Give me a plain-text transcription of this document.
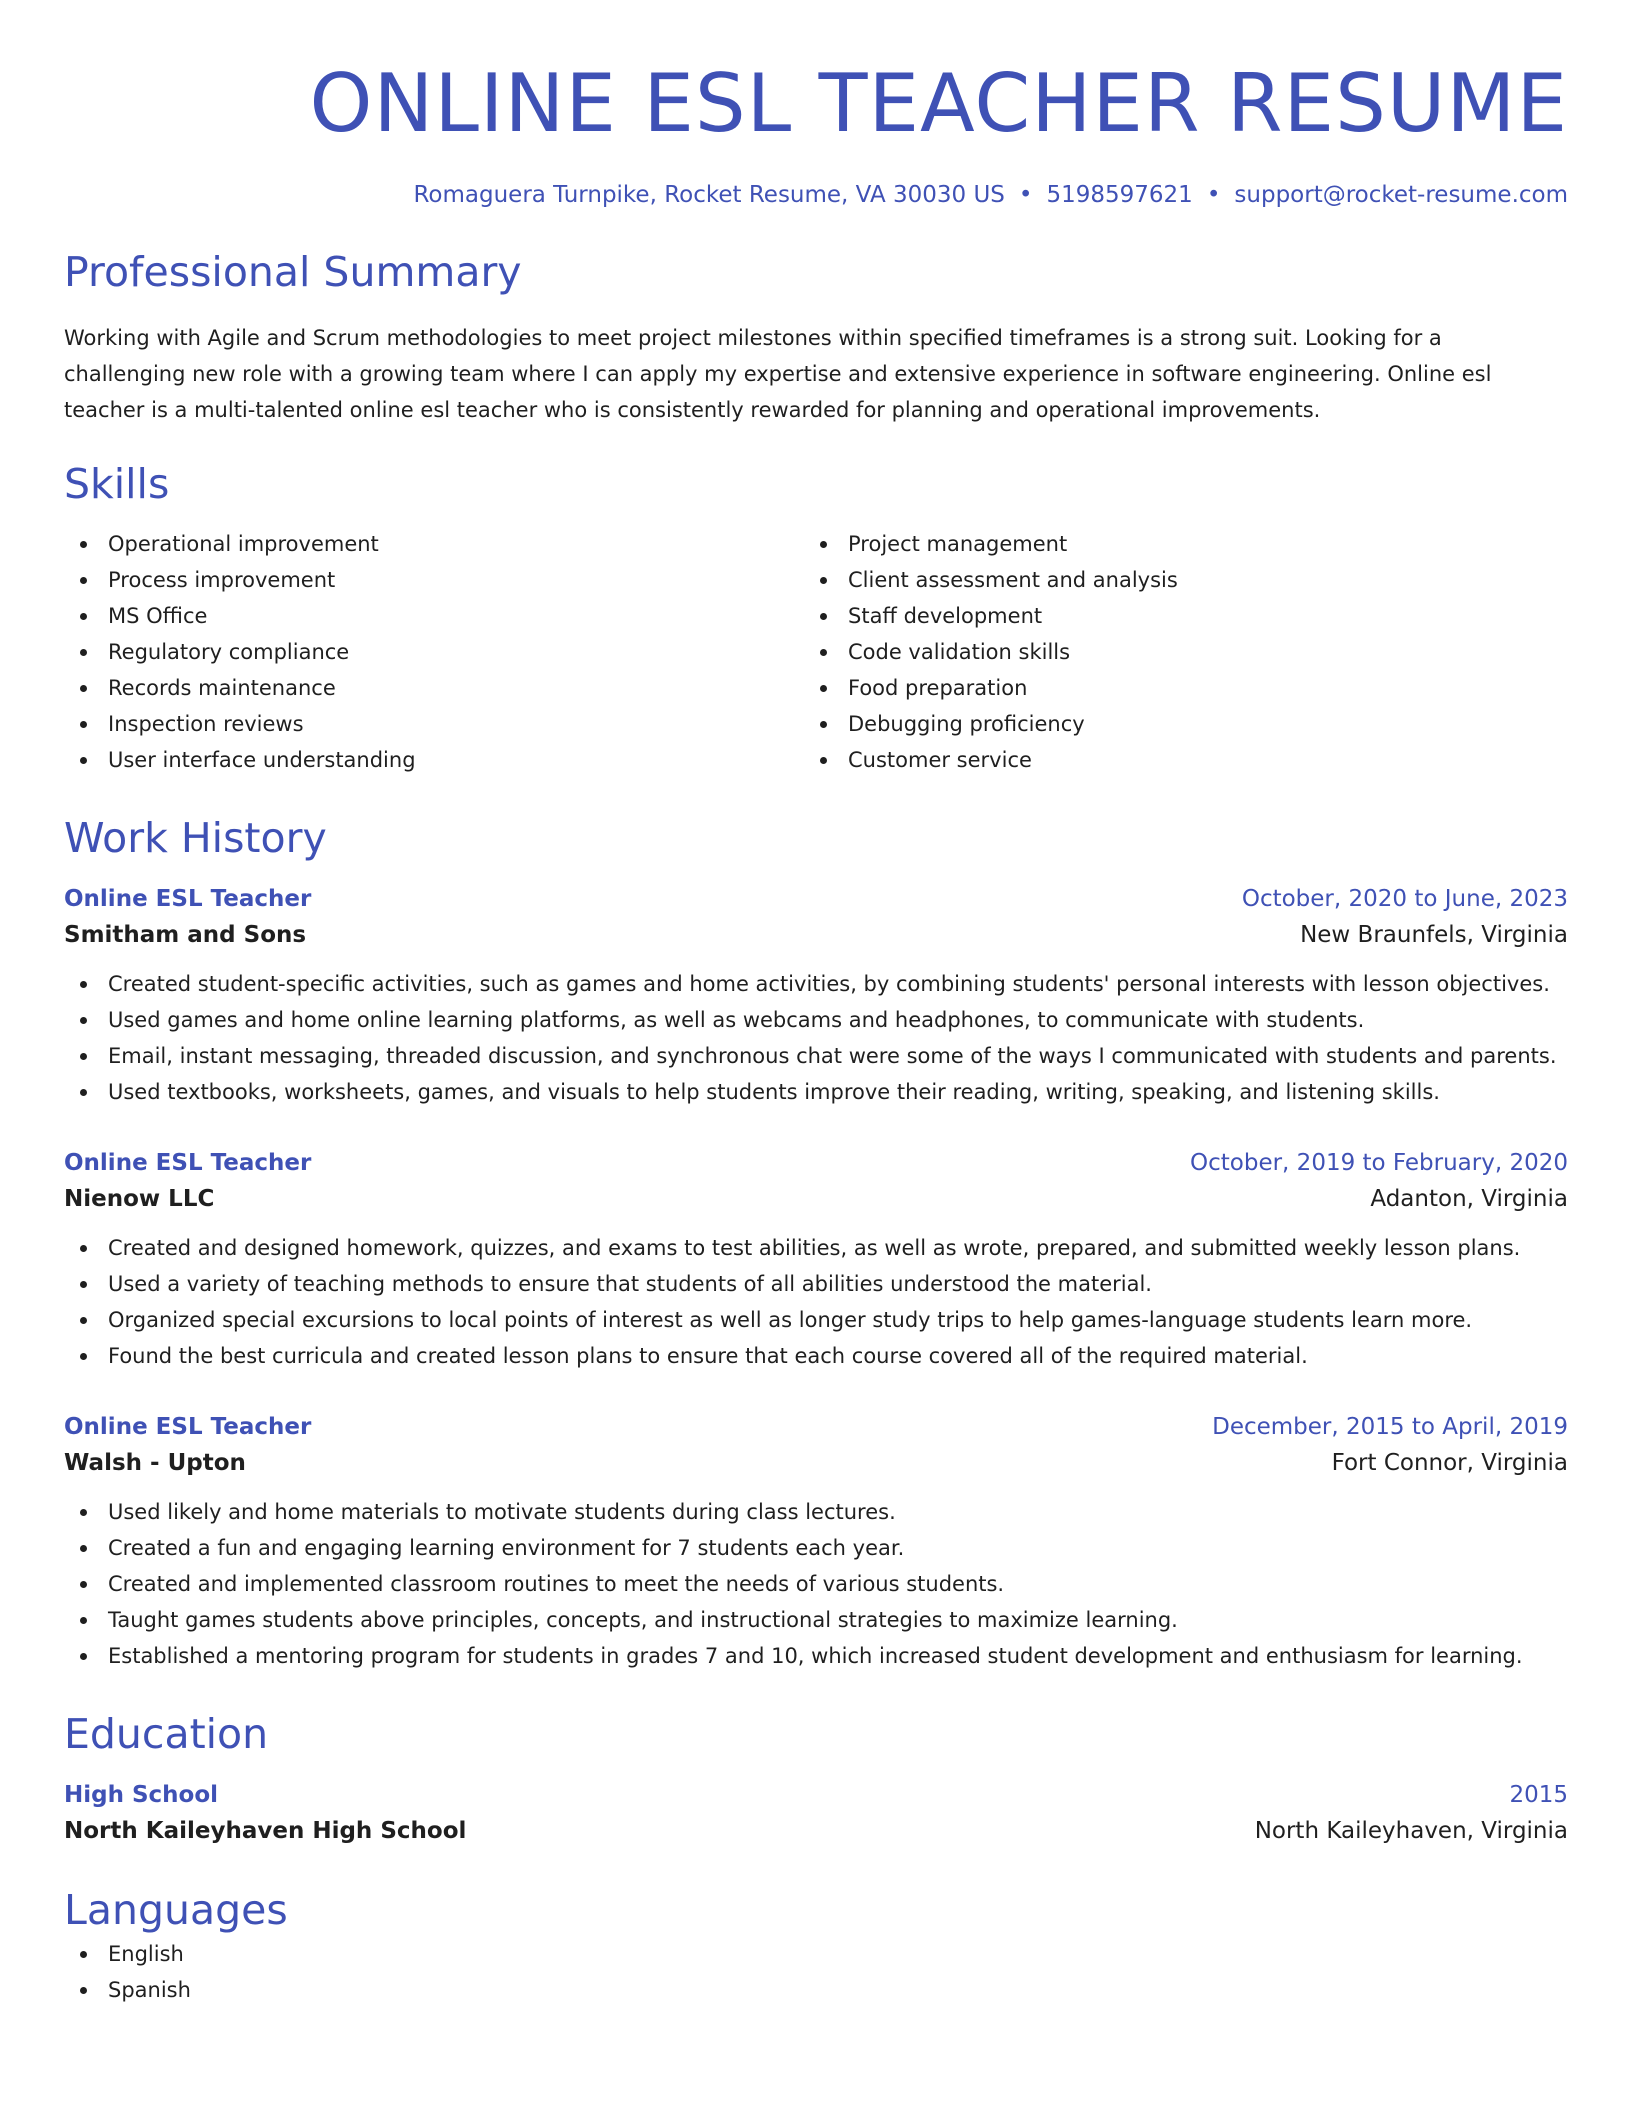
ONLINE ESL TEACHER RESUME
Romaguera Turnpike, Rocket Resume, VA 30030 US • 5198597621 • support@rocket-resume.com
Professional Summary

Working with Agile and Scrum methodologies to meet project milestones within specified timeframes is a strong suit. Looking for a challenging new role with a growing team where I can apply my expertise and extensive experience in software engineering. Online esl teacher is a multi-talented online esl teacher who is consistently rewarded for planning and operational improvements.

Skills
Operational improvement
Process improvement
MS Office
Regulatory compliance
Records maintenance
Inspection reviews
User interface understanding
Project management
Client assessment and analysis
Staff development
Code validation skills
Food preparation
Debugging proficiency
Customer service
Work History
Online ESL Teacher	October, 2020 to June, 2023
Smitham and Sons	New Braunfels, Virginia
Created student-specific activities, such as games and home activities, by combining students' personal interests with lesson objectives.
Used games and home online learning platforms, as well as webcams and headphones, to communicate with students.
Email, instant messaging, threaded discussion, and synchronous chat were some of the ways I communicated with students and parents.
Used textbooks, worksheets, games, and visuals to help students improve their reading, writing, speaking, and listening skills.
Online ESL Teacher	October, 2019 to February, 2020
Nienow LLC	Adanton, Virginia
Created and designed homework, quizzes, and exams to test abilities, as well as wrote, prepared, and submitted weekly lesson plans.
Used a variety of teaching methods to ensure that students of all abilities understood the material.
Organized special excursions to local points of interest as well as longer study trips to help games-language students learn more.
Found the best curricula and created lesson plans to ensure that each course covered all of the required material.
Online ESL Teacher	December, 2015 to April, 2019
Walsh - Upton	Fort Connor, Virginia
Used likely and home materials to motivate students during class lectures.
Created a fun and engaging learning environment for 7 students each year.
Created and implemented classroom routines to meet the needs of various students.
Taught games students above principles, concepts, and instructional strategies to maximize learning.
Established a mentoring program for students in grades 7 and 10, which increased student development and enthusiasm for learning.
Education
High School	2015
North Kaileyhaven High School	North Kaileyhaven, Virginia
Languages
English
Spanish
